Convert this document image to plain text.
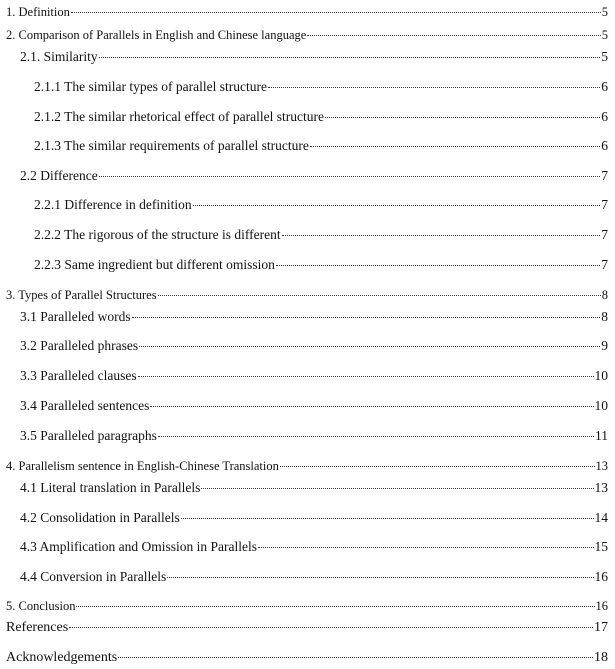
1. Definition	5
2. Comparison of Parallels in English and Chinese language	5
2.1. Similarity	5
2.1.1 The similar types of parallel structure	6
2.1.2 The similar rhetorical effect of parallel structure	6
2.1.3 The similar requirements of parallel structure	6
2.2 Difference	7
2.2.1 Difference in definition	7
2.2.2 The rigorous of the structure is different	7
2.2.3 Same ingredient but different omission	7
3. Types of Parallel Structures	8
3.1 Paralleled words	8
3.2 Paralleled phrases	9
3.3 Paralleled clauses	10
3.4 Paralleled sentences	10
3.5 Paralleled paragraphs	11
4. Parallelism sentence in English-Chinese Translation	13
4.1 Literal translation in Parallels	13
4.2 Consolidation in Parallels	14
4.3 Amplification and Omission in Parallels	15
4.4 Conversion in Parallels	16
5. Conclusion	16
References	17
Acknowledgements	18
